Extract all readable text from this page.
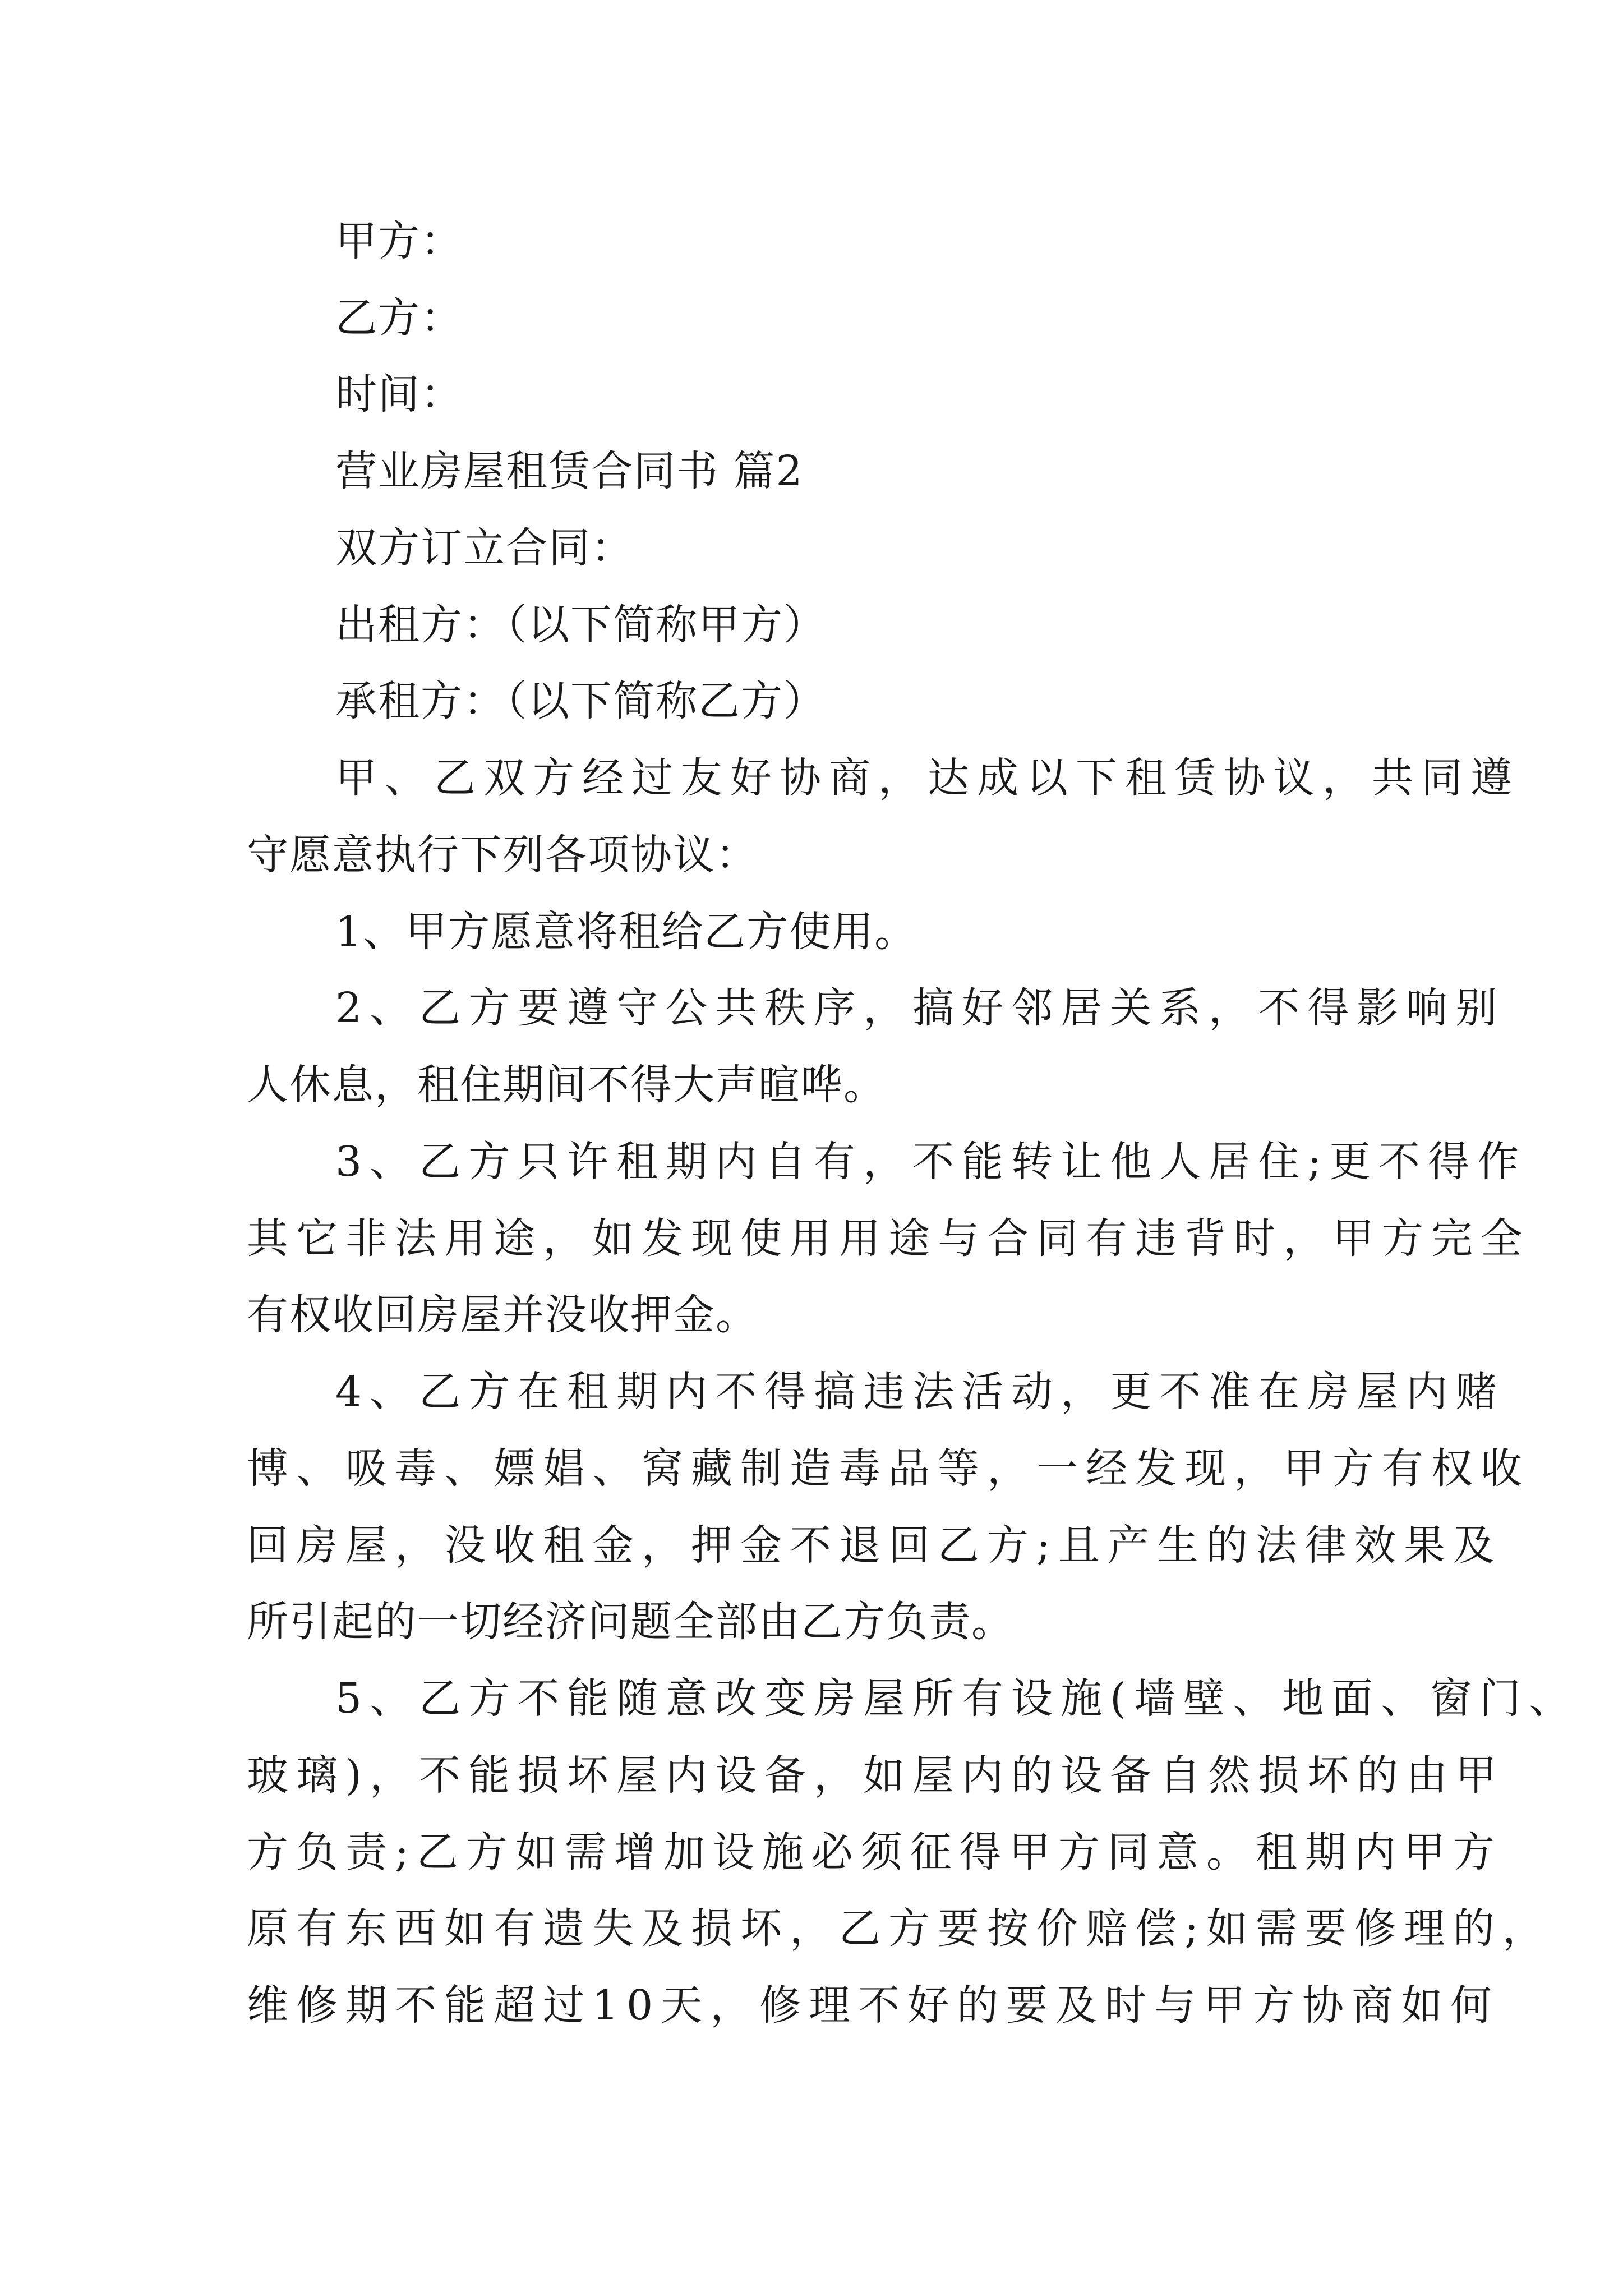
甲方：
乙方：
时间：
营业房屋租赁合同书 篇2
双方订立合同：
出租方：（以下简称甲方）
承租方：（以下简称乙方）
甲、乙双方经过友好协商，达成以下租赁协议，共同遵
守愿意执行下列各项协议：
1、甲方愿意将租给乙方使用。
2、乙方要遵守公共秩序，搞好邻居关系，不得影响别
人休息，租住期间不得大声暄哗。
3、乙方只许租期内自有，不能转让他人居住;更不得作
其它非法用途，如发现使用用途与合同有违背时，甲方完全
有权收回房屋并没收押金。
4、乙方在租期内不得搞违法活动，更不准在房屋内赌
博、吸毒、嫖娼、窝藏制造毒品等，一经发现，甲方有权收
回房屋，没收租金，押金不退回乙方;且产生的法律效果及
所引起的一切经济问题全部由乙方负责。
5、乙方不能随意改变房屋所有设施(墙壁、地面、窗门、
玻璃)，不能损坏屋内设备，如屋内的设备自然损坏的由甲
方负责;乙方如需增加设施必须征得甲方同意。租期内甲方
原有东西如有遗失及损坏，乙方要按价赔偿;如需要修理的，
维修期不能超过10天，修理不好的要及时与甲方协商如何
